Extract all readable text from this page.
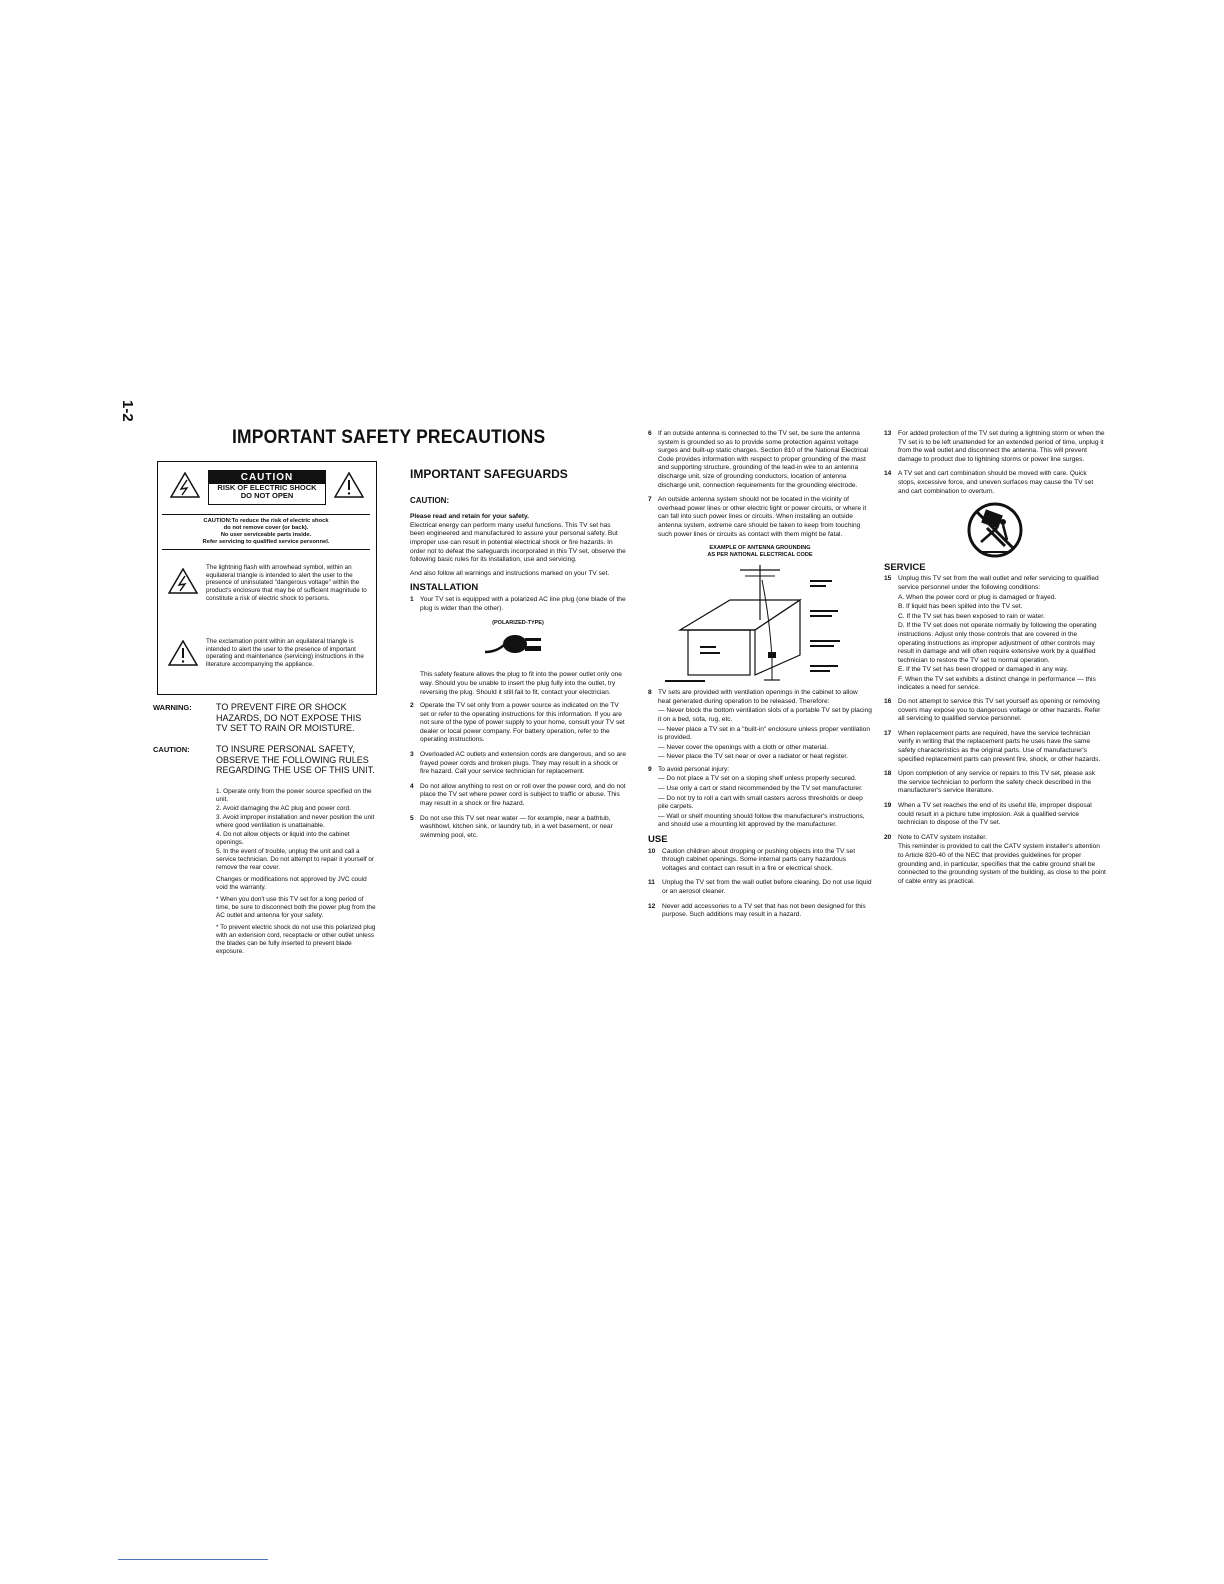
1-2
IMPORTANT SAFETY PRECAUTIONS
CAUTION
RISK OF ELECTRIC SHOCK
DO NOT OPEN
CAUTION:To reduce the risk of electric shock
do not remove cover (or back).
No user serviceable parts inside.
Refer servicing to qualified service personnel.
The lightning flash with arrowhead symbol, within an equilateral triangle is intended to alert the user to the presence of uninsulated "dangerous voltage" within the product's enclosure that may be of sufficient magnitude to constitute a risk of electric shock to persons.
The exclamation point within an equilateral triangle is intended to alert the user to the presence of important operating and maintenance (servicing) instructions in the literature accompanying the appliance.
WARNING:	TO PREVENT FIRE OR SHOCK HAZARDS, DO NOT EXPOSE THIS TV SET TO RAIN OR MOISTURE.
CAUTION:	TO INSURE PERSONAL SAFETY, OBSERVE THE FOLLOWING RULES REGARDING THE USE OF THIS UNIT.

1. Operate only from the power source specified on the unit.

2. Avoid damaging the AC plug and power cord.

3. Avoid improper installation and never position the unit where good ventilation is unattainable.

4. Do not allow objects or liquid into the cabinet openings.

5. In the event of trouble, unplug the unit and call a service technician. Do not attempt to repair it yourself or remove the rear cover.

Changes or modifications not approved by JVC could void the warranty.

* When you don't use this TV set for a long period of time, be sure to disconnect both the power plug from the AC outlet and antenna for your safety.

* To prevent electric shock do not use this polarized plug with an extension cord, receptacle or other outlet unless the blades can be fully inserted to prevent blade exposure.

IMPORTANT SAFEGUARDS
CAUTION:
Please read and retain for your safety.

Electrical energy can perform many useful functions. This TV set has been engineered and manufactured to assure your personal safety. But improper use can result in potential electrical shock or fire hazards. In order not to defeat the safeguards incorporated in this TV set, observe the following basic rules for its installation, use and servicing.

And also follow all warnings and instructions marked on your TV set.

INSTALLATION
1 Your TV set is equipped with a polarized AC line plug (one blade of the plug is wider than the other).
(POLARIZED-TYPE)

This safety feature allows the plug to fit into the power outlet only one way. Should you be unable to insert the plug fully into the outlet, try reversing the plug. Should it still fail to fit, contact your electrician.

2 Operate the TV set only from a power source as indicated on the TV set or refer to the operating instructions for this information. If you are not sure of the type of power supply to your home, consult your TV set dealer or local power company. For battery operation, refer to the operating instructions.
3 Overloaded AC outlets and extension cords are dangerous, and so are frayed power cords and broken plugs. They may result in a shock or fire hazard. Call your service technician for replacement.
4 Do not allow anything to rest on or roll over the power cord, and do not place the TV set where power cord is subject to traffic or abuse. This may result in a shock or fire hazard.
5 Do not use this TV set near water — for example, near a bathtub, washbowl, kitchen sink, or laundry tub, in a wet basement, or near swimming pool, etc.
6 If an outside antenna is connected to the TV set, be sure the antenna system is grounded so as to provide some protection against voltage surges and built-up static charges. Section 810 of the National Electrical Code provides information with respect to proper grounding of the mast and supporting structure, grounding of the lead-in wire to an antenna discharge unit, size of grounding conductors, location of antenna discharge unit, connection requirements for the grounding electrode.
7 An outside antenna system should not be located in the vicinity of overhead power lines or other electric light or power circuits, or where it can fall into such power lines or circuits. When installing an outside antenna system, extreme care should be taken to keep from touching such power lines or circuits as contact with them might be fatal.
EXAMPLE OF ANTENNA GROUNDING
AS PER NATIONAL ELECTRICAL CODE
8 TV sets are provided with ventilation openings in the cabinet to allow heat generated during operation to be released. Therefore:
— Never block the bottom ventilation slots of a portable TV set by placing it on a bed, sofa, rug, etc.
— Never place a TV set in a "built-in" enclosure unless proper ventilation is provided.
— Never cover the openings with a cloth or other material.
— Never place the TV set near or over a radiator or heat register.
9 To avoid personal injury:
— Do not place a TV set on a sloping shelf unless properly secured.
— Use only a cart or stand recommended by the TV set manufacturer.
— Do not try to roll a cart with small casters across thresholds or deep pile carpets.
— Wall or shelf mounting should follow the manufacturer's instructions, and should use a mounting kit approved by the manufacturer.
USE
10	Caution children about dropping or pushing objects into the TV set through cabinet openings. Some internal parts carry hazardous voltages and contact can result in a fire or electrical shock.
11	Unplug the TV set from the wall outlet before cleaning. Do not use liquid or an aerosol cleaner.
12	Never add accessories to a TV set that has not been designed for this purpose. Such additions may result in a hazard.
13	For added protection of the TV set during a lightning storm or when the TV set is to be left unattended for an extended period of time, unplug it from the wall outlet and disconnect the antenna. This will prevent damage to product due to lightning storms or power line surges.
14	A TV set and cart combination should be moved with care. Quick stops, excessive force, and uneven surfaces may cause the TV set and cart combination to overturn.
SERVICE
15	Unplug this TV set from the wall outlet and refer servicing to qualified service personnel under the following conditions:
A. When the power cord or plug is damaged or frayed.
B. If liquid has been spilled into the TV set.
C. If the TV set has been exposed to rain or water.
D. If the TV set does not operate normally by following the operating instructions. Adjust only those controls that are covered in the operating instructions as improper adjustment of other controls may result in damage and will often require extensive work by a qualified technician to restore the TV set to normal operation.
E. If the TV set has been dropped or damaged in any way.
F. When the TV set exhibits a distinct change in performance — this indicates a need for service.
16	Do not attempt to service this TV set yourself as opening or removing covers may expose you to dangerous voltage or other hazards. Refer all servicing to qualified service personnel.
17	When replacement parts are required, have the service technician verify in writing that the replacement parts he uses have the same safety characteristics as the original parts. Use of manufacturer's specified replacement parts can prevent fire, shock, or other hazards.
18	Upon completion of any service or repairs to this TV set, please ask the service technician to perform the safety check described in the manufacturer's service literature.
19	When a TV set reaches the end of its useful life, improper disposal could result in a picture tube implosion. Ask a qualified service technician to dispose of the TV set.
20	Note to CATV system installer.

This reminder is provided to call the CATV system installer's attention to Article 820-40 of the NEC that provides guidelines for proper grounding and, in particular, specifies that the cable ground shall be connected to the grounding system of the building, as close to the point of cable entry as practical.
